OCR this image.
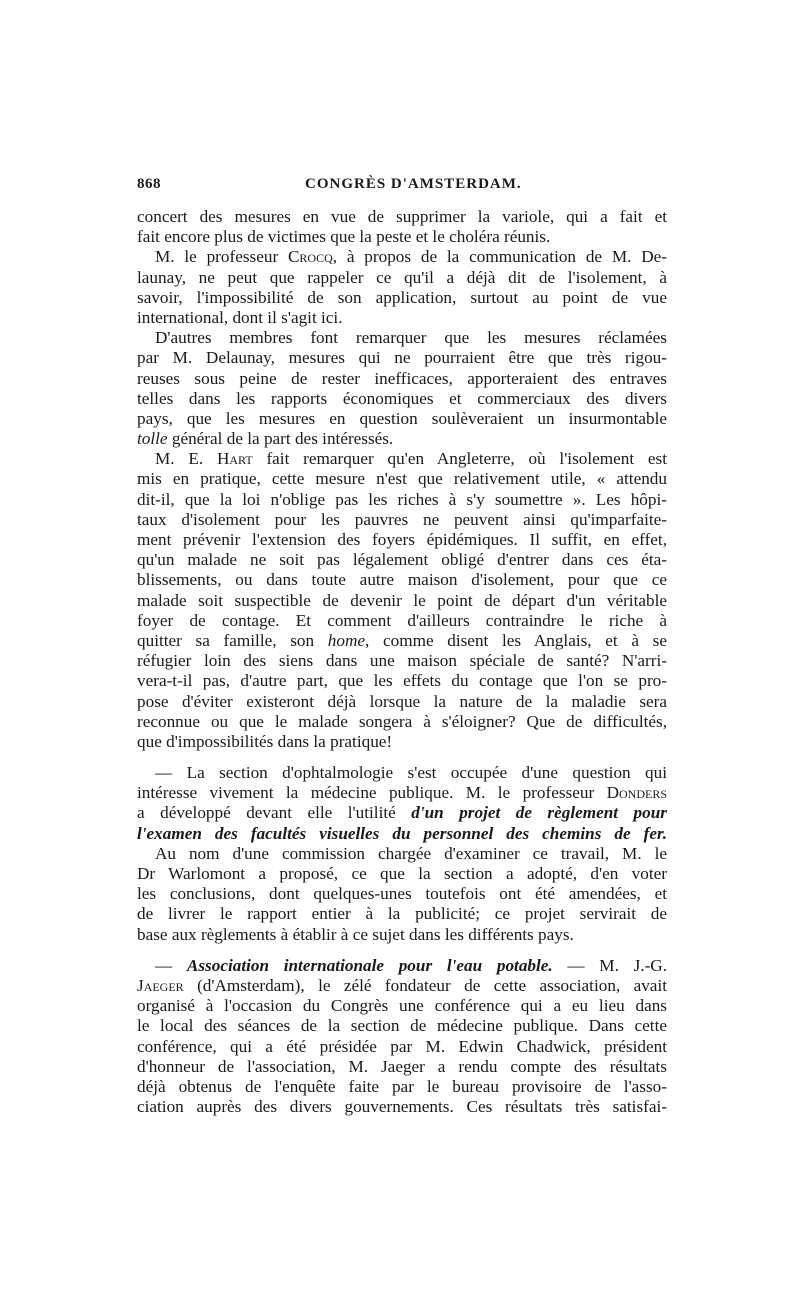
868	CONGRÈS D'AMSTERDAM.
concert des mesures en vue de supprimer la variole, qui a fait et
fait encore plus de victimes que la peste et le choléra réunis.
M. le professeur Crocq, à propos de la communication de M. De-
launay, ne peut que rappeler ce qu'il a déjà dit de l'isolement, à
savoir, l'impossibilité de son application, surtout au point de vue
international, dont il s'agit ici.
D'autres membres font remarquer que les mesures réclamées
par M. Delaunay, mesures qui ne pourraient être que très rigou-
reuses sous peine de rester inefficaces, apporteraient des entraves
telles dans les rapports économiques et commerciaux des divers
pays, que les mesures en question soulèveraient un insurmontable
tolle général de la part des intéressés.
M. E. Hart fait remarquer qu'en Angleterre, où l'isolement est
mis en pratique, cette mesure n'est que relativement utile, « attendu
dit-il, que la loi n'oblige pas les riches à s'y soumettre ». Les hôpi-
taux d'isolement pour les pauvres ne peuvent ainsi qu'imparfaite-
ment prévenir l'extension des foyers épidémiques. Il suffit, en effet,
qu'un malade ne soit pas légalement obligé d'entrer dans ces éta-
blissements, ou dans toute autre maison d'isolement, pour que ce
malade soit suspectible de devenir le point de départ d'un véritable
foyer de contage. Et comment d'ailleurs contraindre le riche à
quitter sa famille, son home, comme disent les Anglais, et à se
réfugier loin des siens dans une maison spéciale de santé? N'arri-
vera-t-il pas, d'autre part, que les effets du contage que l'on se pro-
pose d'éviter existeront déjà lorsque la nature de la maladie sera
reconnue ou que le malade songera à s'éloigner? Que de difficultés,
que d'impossibilités dans la pratique!
— La section d'ophtalmologie s'est occupée d'une question qui
intéresse vivement la médecine publique. M. le professeur Donders
a développé devant elle l'utilité d'un projet de règlement pour
l'examen des facultés visuelles du personnel des chemins de fer.
Au nom d'une commission chargée d'examiner ce travail, M. le
Dr Warlomont a proposé, ce que la section a adopté, d'en voter
les conclusions, dont quelques-unes toutefois ont été amendées, et
de livrer le rapport entier à la publicité; ce projet servirait de
base aux règlements à établir à ce sujet dans les différents pays.
— Association internationale pour l'eau potable. — M. J.-G.
Jaeger (d'Amsterdam), le zélé fondateur de cette association, avait
organisé à l'occasion du Congrès une conférence qui a eu lieu dans
le local des séances de la section de médecine publique. Dans cette
conférence, qui a été présidée par M. Edwin Chadwick, président
d'honneur de l'association, M. Jaeger a rendu compte des résultats
déjà obtenus de l'enquête faite par le bureau provisoire de l'asso-
ciation auprès des divers gouvernements. Ces résultats très satisfai-
